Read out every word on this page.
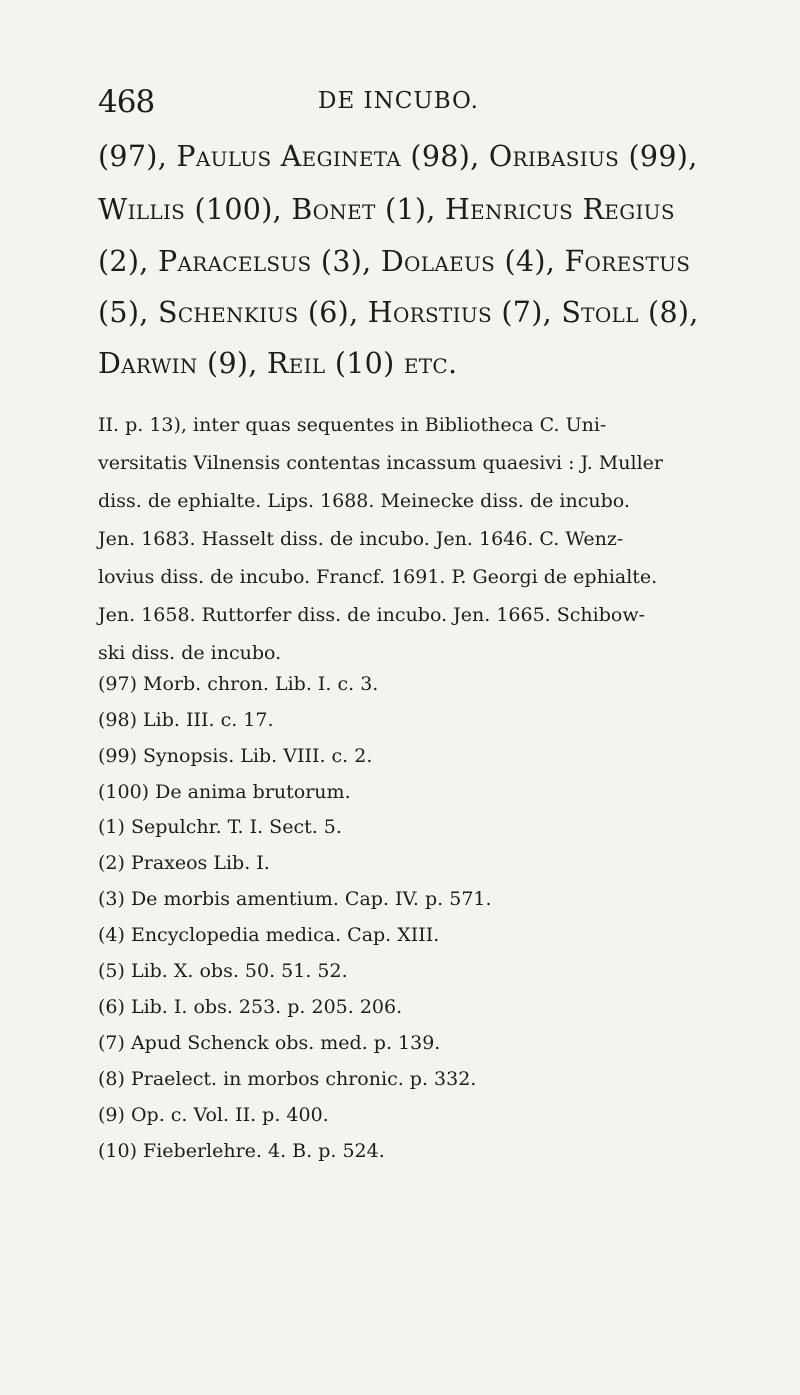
468	DE INCUBO.
(97), Paulus Aegineta (98), Oribasius (99),
Willis (100), Bonet (1), Henricus Regius
(2), Paracelsus (3), Dolaeus (4), Forestus
(5), Schenkius (6), Horstius (7), Stoll (8),
Darwin (9), Reil (10) etc.
II. p. 13), inter quas sequentes in Bibliotheca C. Uni-
versitatis Vilnensis contentas incassum quaesivi : J. Muller
diss. de ephialte. Lips. 1688. Meinecke diss. de incubo.
Jen. 1683. Hasselt diss. de incubo. Jen. 1646. C. Wenz-
lovius diss. de incubo. Francf. 1691. P. Georgi de ephialte.
Jen. 1658. Ruttorfer diss. de incubo. Jen. 1665. Schibow-
ski diss. de incubo.
(97) Morb. chron. Lib. I. c. 3.
(98) Lib. III. c. 17.
(99) Synopsis. Lib. VIII. c. 2.
(100) De anima brutorum.
(1) Sepulchr. T. I. Sect. 5.
(2) Praxeos Lib. I.
(3) De morbis amentium. Cap. IV. p. 571.
(4) Encyclopedia medica. Cap. XIII.
(5) Lib. X. obs. 50. 51. 52.
(6) Lib. I. obs. 253. p. 205. 206.
(7) Apud Schenck obs. med. p. 139.
(8) Praelect. in morbos chronic. p. 332.
(9) Op. c. Vol. II. p. 400.
(10) Fieberlehre. 4. B. p. 524.
